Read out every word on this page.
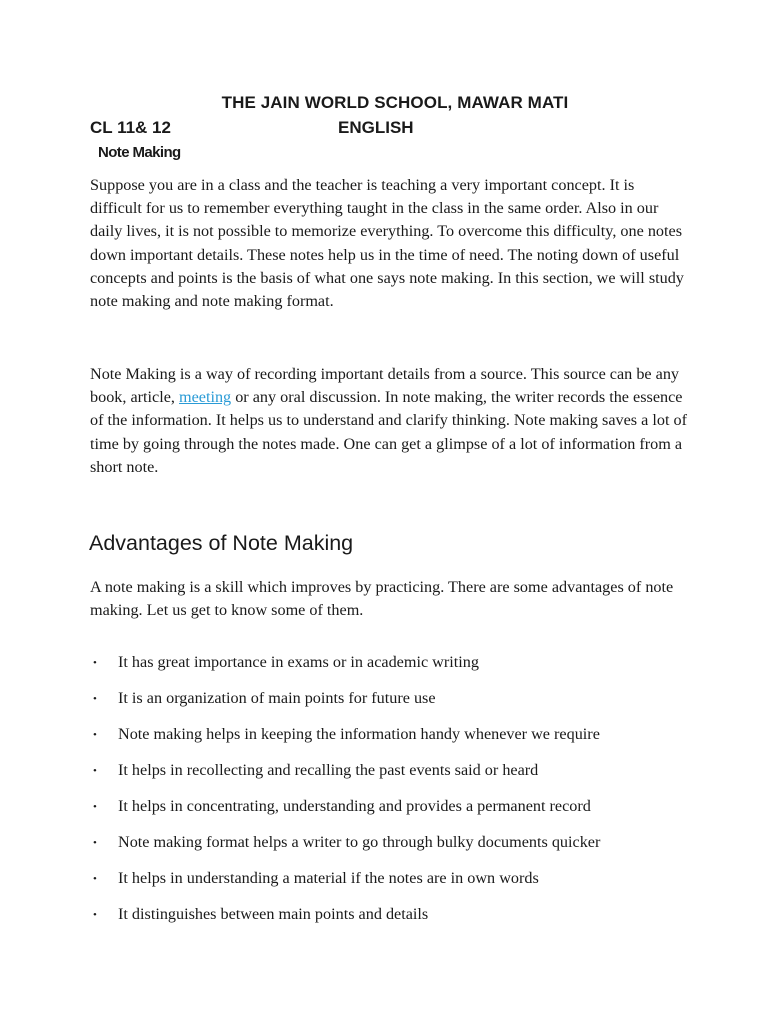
THE JAIN WORLD SCHOOL, MAWAR MATI
CL 11& 12	ENGLISH
Note Making

Suppose you are in a class and the teacher is teaching a very important concept. It is difficult for us to remember everything taught in the class in the same order. Also in our daily lives, it is not possible to memorize everything. To overcome this difficulty, one notes down important details. These notes help us in the time of need. The noting down of useful concepts and points is the basis of what one says note making. In this section, we will study note making and note making format.

Note Making is a way of recording important details from a source. This source can be any book, article, meeting or any oral discussion. In note making, the writer records the essence of the information. It helps us to understand and clarify thinking. Note making saves a lot of time by going through the notes made. One can get a glimpse of a lot of information from a short note.

Advantages of Note Making

A note making is a skill which improves by practicing. There are some advantages of note making. Let us get to know some of them.

• It has great importance in exams or in academic writing
• It is an organization of main points for future use
• Note making helps in keeping the information handy whenever we require
• It helps in recollecting and recalling the past events said or heard
• It helps in concentrating, understanding and provides a permanent record
• Note making format helps a writer to go through bulky documents quicker
• It helps in understanding a material if the notes are in own words
• It distinguishes between main points and details
